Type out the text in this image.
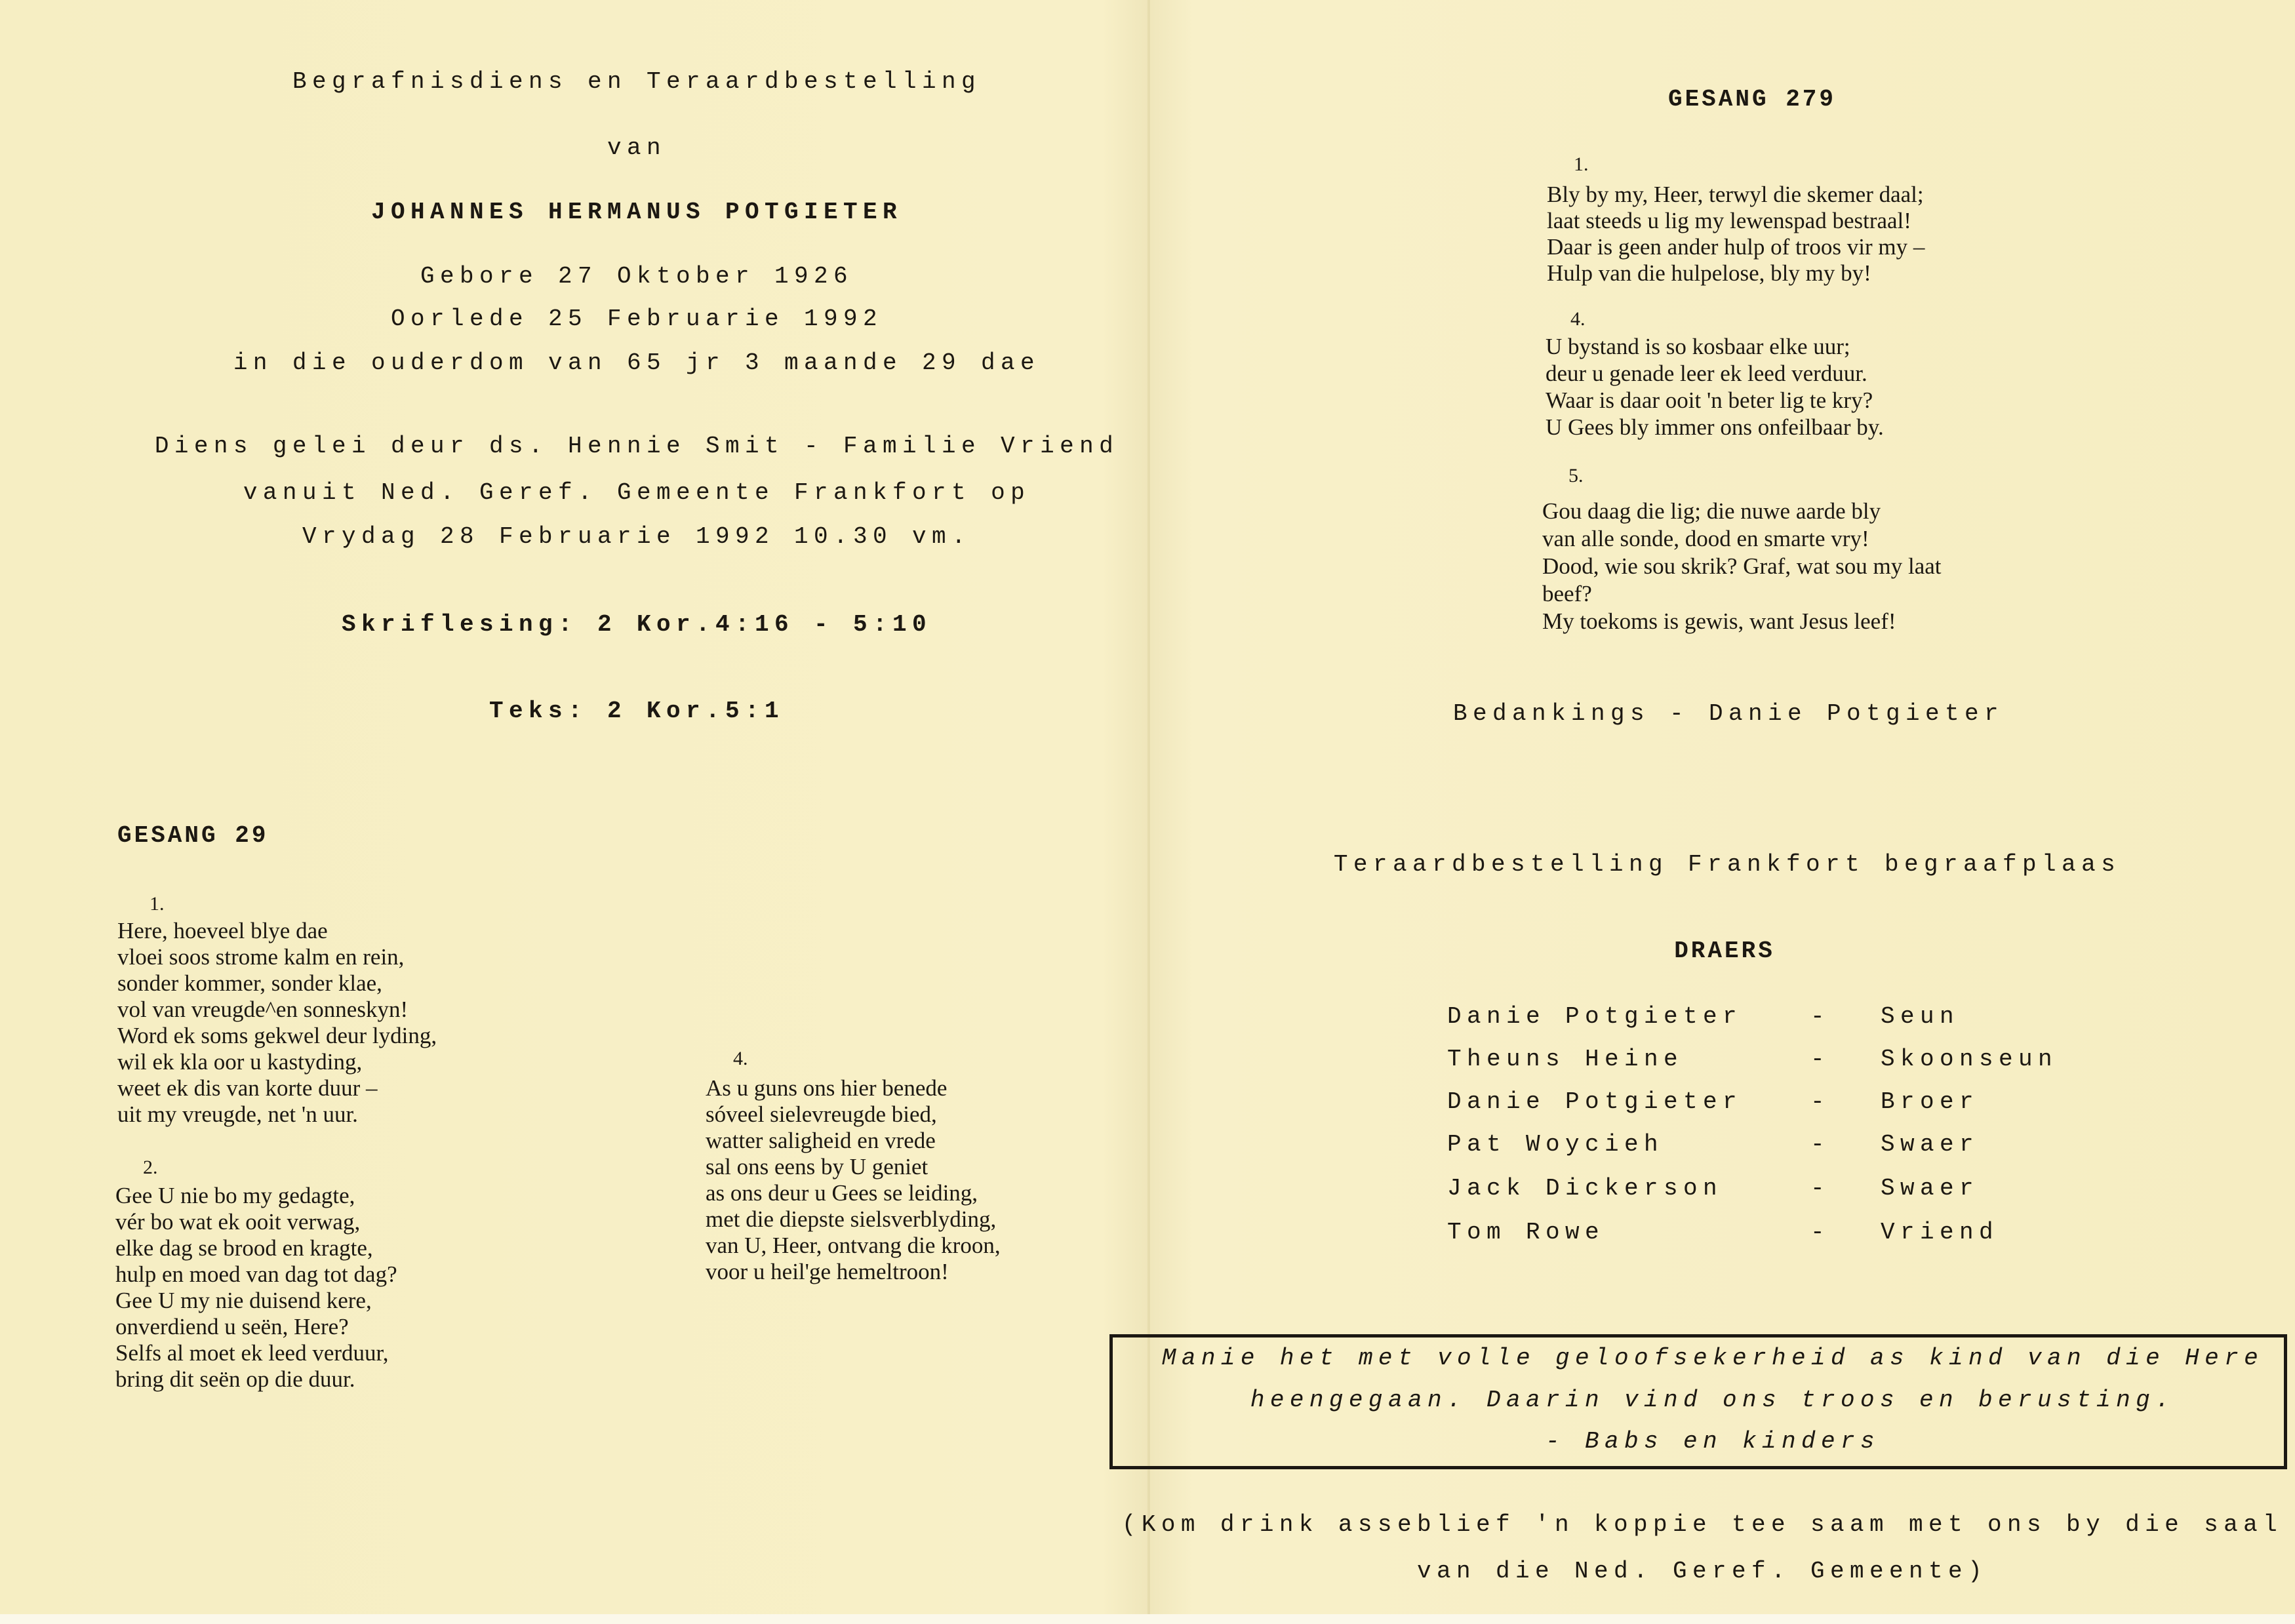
Begrafnisdiens en Teraardbestelling
van
JOHANNES HERMANUS POTGIETER
Gebore 27 Oktober 1926
Oorlede 25 Februarie 1992
in die ouderdom van 65 jr 3 maande 29 dae
Diens gelei deur ds. Hennie Smit - Familie Vriend
vanuit Ned. Geref. Gemeente Frankfort op
Vrydag 28 Februarie 1992 10.30 vm.
Skriflesing: 2 Kor.4:16 - 5:10
Teks: 2 Kor.5:1
GESANG 29
1.
Here, hoeveel blye dae
vloei soos strome kalm en rein,
sonder kommer, sonder klae,
vol van vreugde^en sonneskyn!
Word ek soms gekwel deur lyding,
wil ek kla oor u kastyding,
weet ek dis van korte duur –
uit my vreugde, net 'n uur.
2.
Gee U nie bo my gedagte,
vér bo wat ek ooit verwag,
elke dag se brood en kragte,
hulp en moed van dag tot dag?
Gee U my nie duisend kere,
onverdiend u seën, Here?
Selfs al moet ek leed verduur,
bring dit seën op die duur.
4.
As u guns ons hier benede
sóveel sielevreugde bied,
watter saligheid en vrede
sal ons eens by U geniet
as ons deur u Gees se leiding,
met die diepste sielsverblyding,
van U, Heer, ontvang die kroon,
voor u heil'ge hemeltroon!
GESANG 279
1.
Bly by my, Heer, terwyl die skemer daal;
laat steeds u lig my lewenspad bestraal!
Daar is geen ander hulp of troos vir my –
Hulp van die hulpelose, bly my by!
4.
U bystand is so kosbaar elke uur;
deur u genade leer ek leed verduur.
Waar is daar ooit 'n beter lig te kry?
U Gees bly immer ons onfeilbaar by.
5.
Gou daag die lig; die nuwe aarde bly
van alle sonde, dood en smarte vry!
Dood, wie sou skrik? Graf, wat sou my laat
beef?
My toekoms is gewis, want Jesus leef!
Bedankings - Danie Potgieter
Teraardbestelling Frankfort begraafplaas
DRAERS
Danie Potgieter	- Seun
Theuns Heine	- Skoonseun
Danie Potgieter	- Broer
Pat Woycieh	- Swaer
Jack Dickerson	- Swaer
Tom Rowe	- Vriend
Manie het met volle geloofsekerheid as kind van die Here
heengegaan. Daarin vind ons troos en berusting.
- Babs en kinders
(Kom drink asseblief 'n koppie tee saam met ons by die saal
van die Ned. Geref. Gemeente)
